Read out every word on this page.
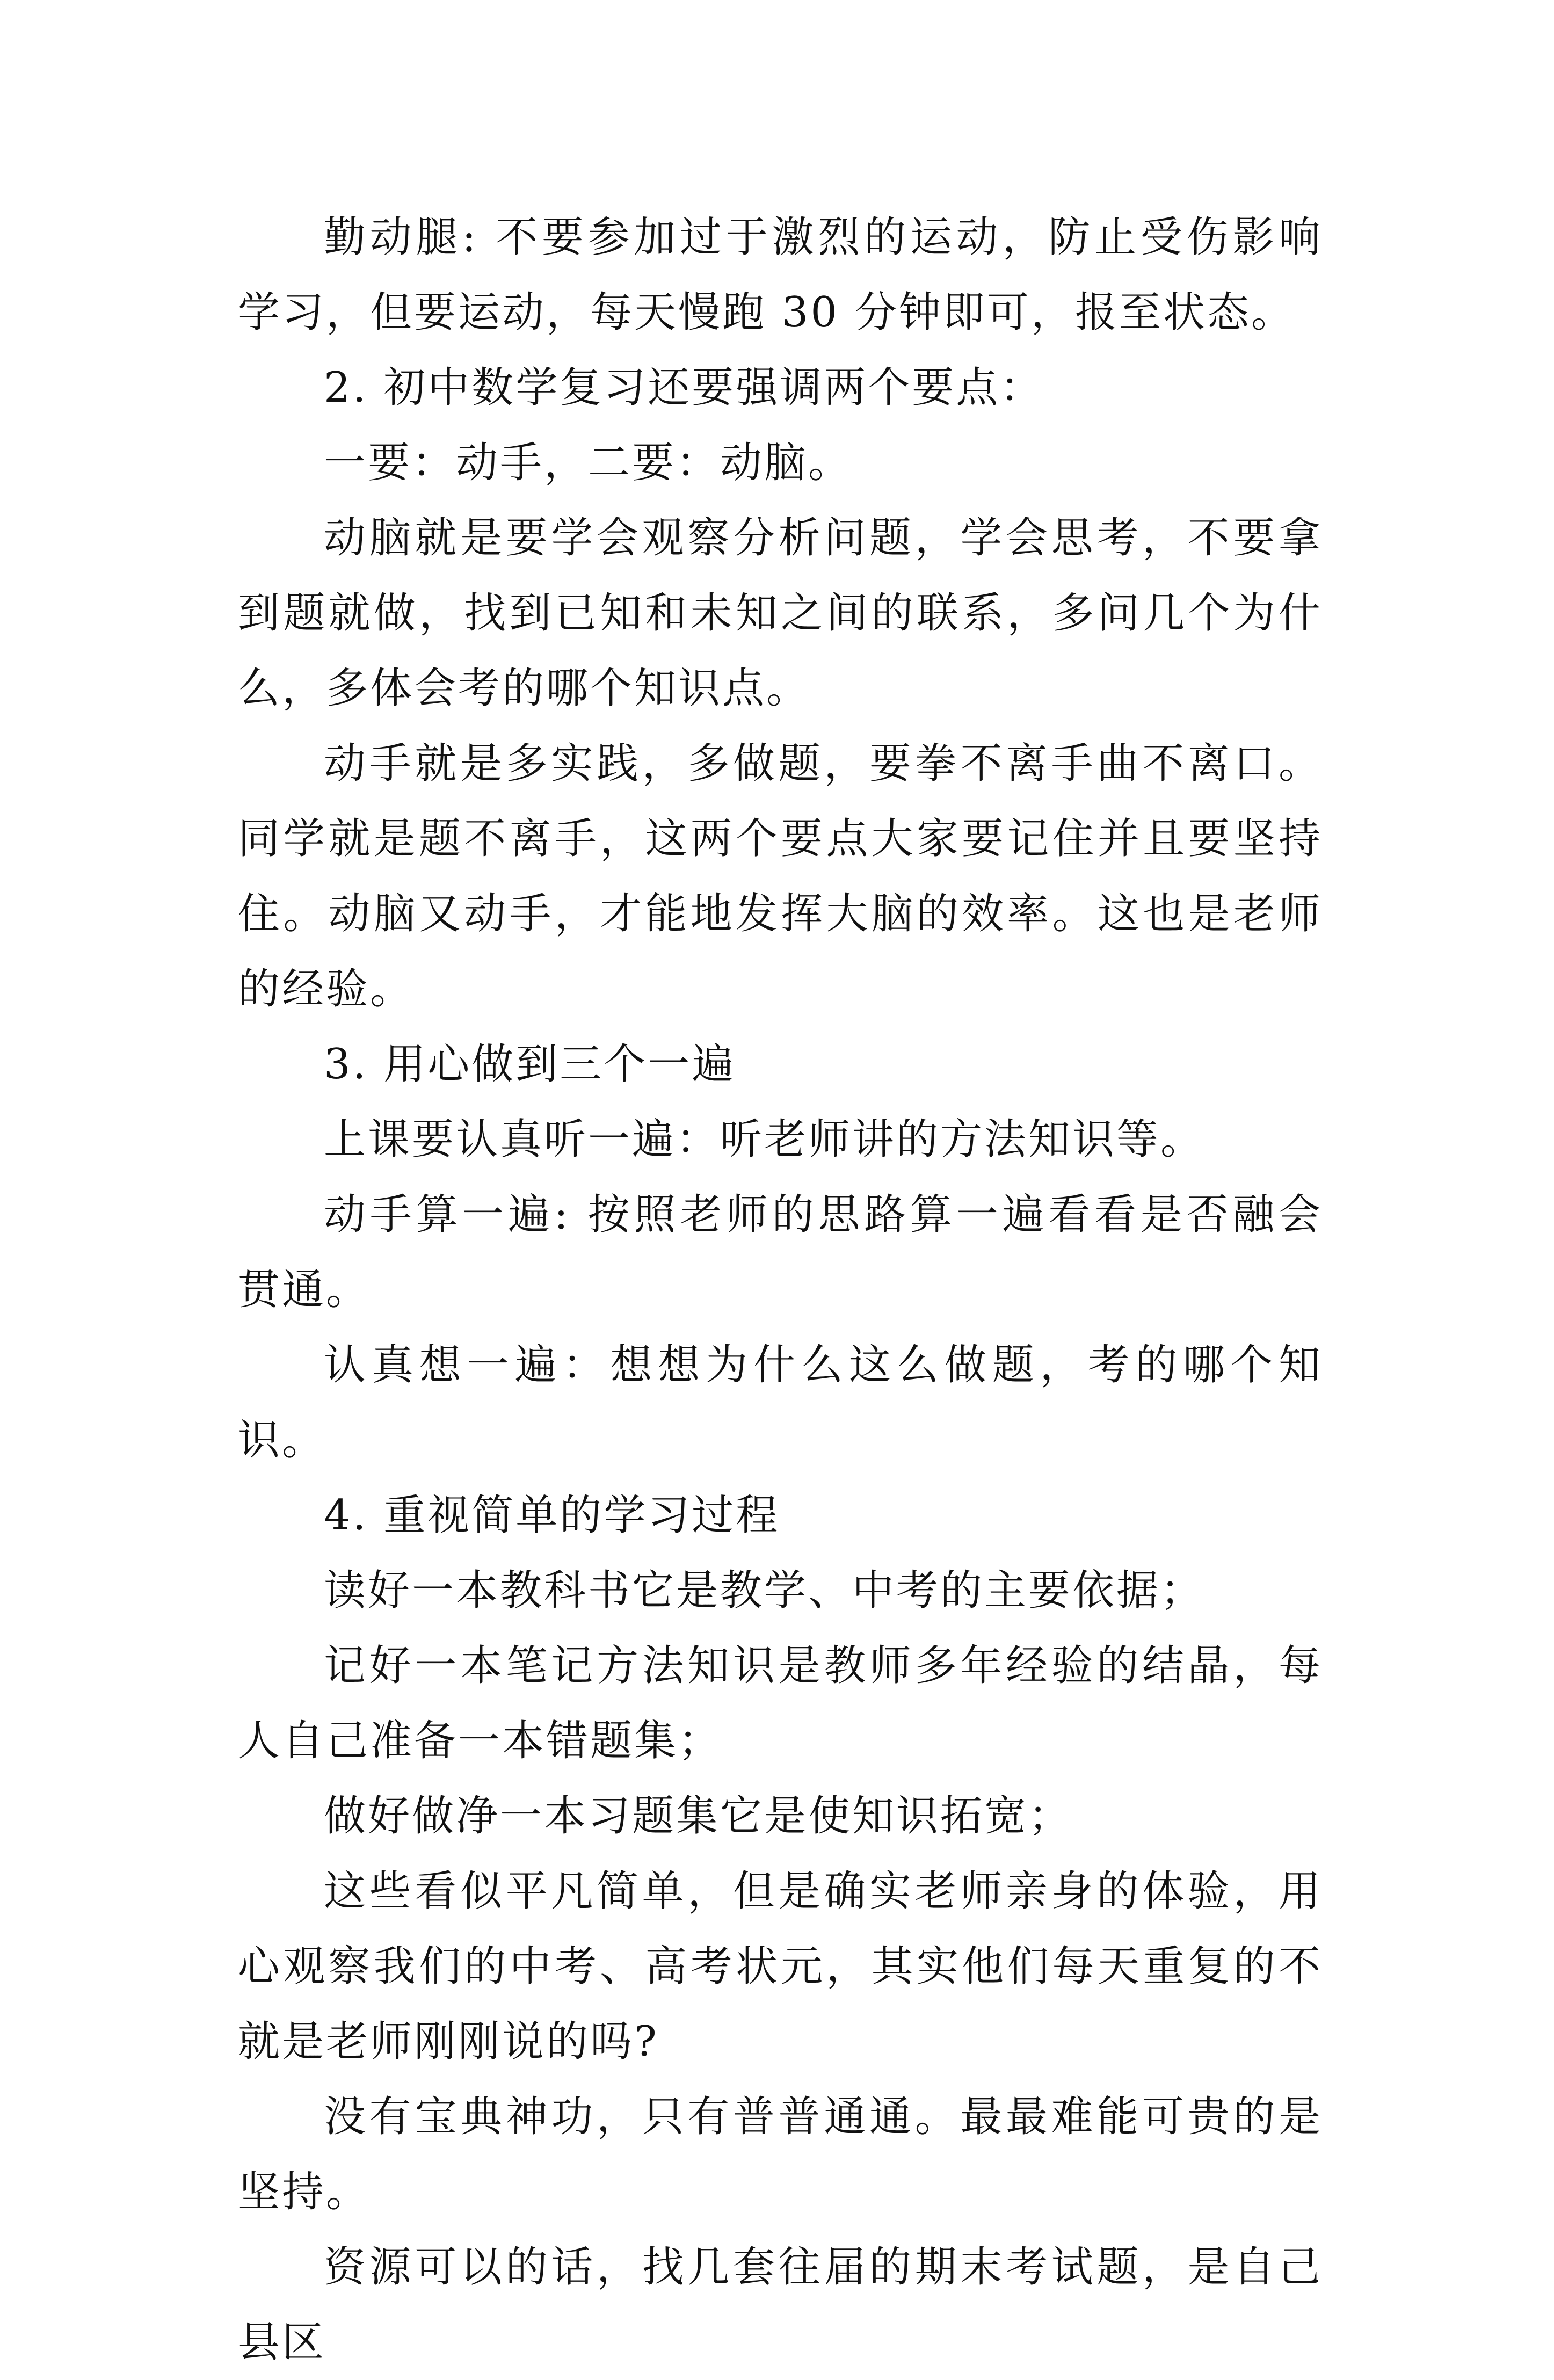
勤动腿: 不要参加过于激烈的运动，防止受伤影响学习，但要运动，每天慢跑 30 分钟即可，报至状态。

2. 初中数学复习还要强调两个要点：

一要：动手，二要：动脑。

动脑就是要学会观察分析问题，学会思考，不要拿到题就做，找到已知和未知之间的联系，多问几个为什么，多体会考的哪个知识点。

动手就是多实践，多做题，要拳不离手曲不离口。同学就是题不离手，这两个要点大家要记住并且要坚持住。动脑又动手，才能地发挥大脑的效率。这也是老师的经验。

3. 用心做到三个一遍

上课要认真听一遍：听老师讲的方法知识等。

动手算一遍: 按照老师的思路算一遍看看是否融会贯通。

认真想一遍：想想为什么这么做题，考的哪个知识。

4. 重视简单的学习过程

读好一本教科书它是教学、中考的主要依据；

记好一本笔记方法知识是教师多年经验的结晶，每人自己准备一本错题集；

做好做净一本习题集它是使知识拓宽；

这些看似平凡简单，但是确实老师亲身的体验，用心观察我们的中考、高考状元，其实他们每天重复的不就是老师刚刚说的吗?

没有宝典神功，只有普普通通。最最难能可贵的是坚持。

资源可以的话，找几套往届的期末考试题，是自己县区
